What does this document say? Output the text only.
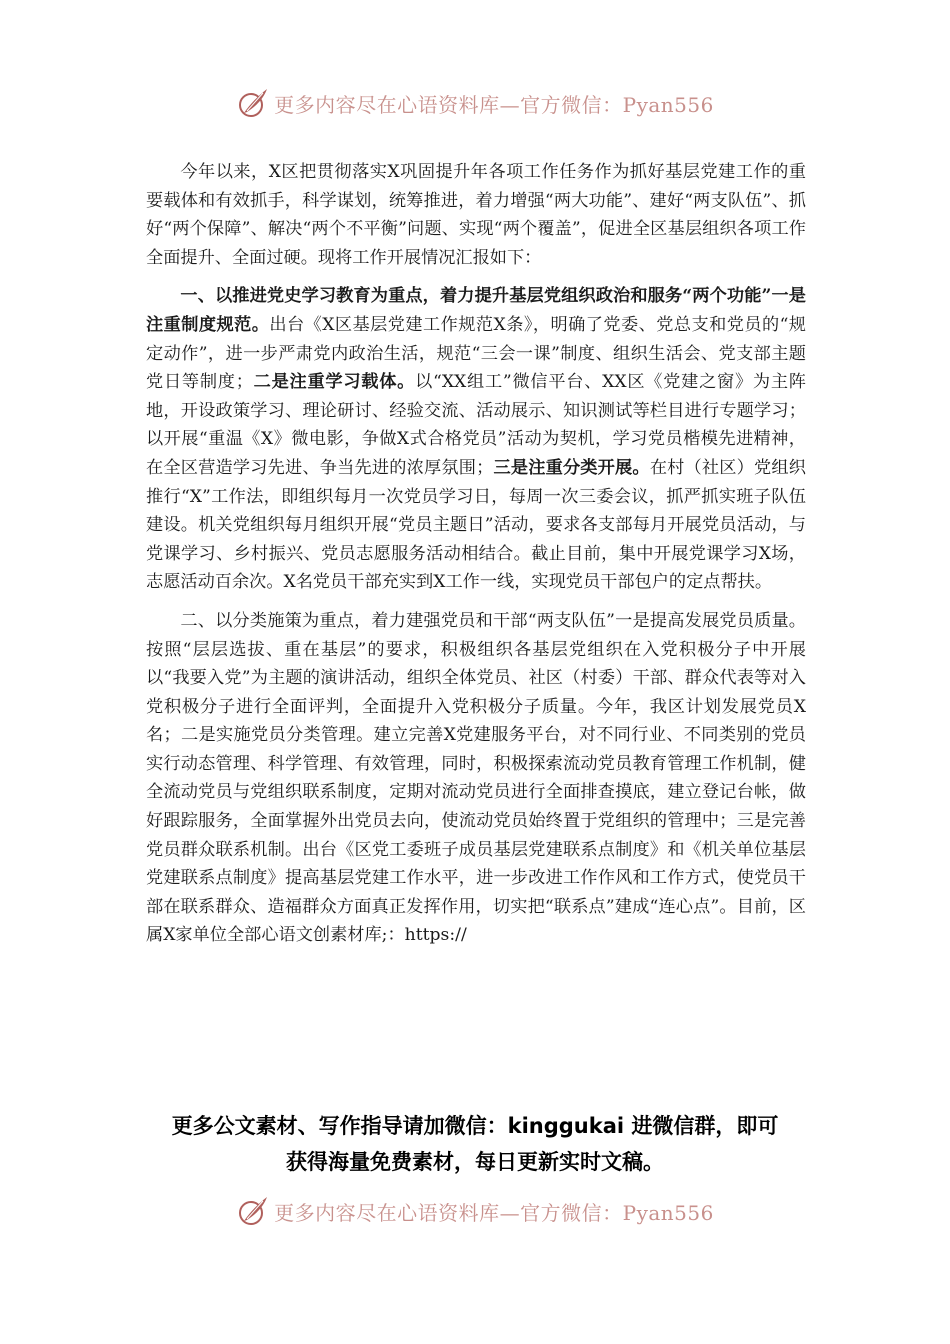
更多内容尽在心语资料库—官方微信：Pyan556

今年以来，X区把贯彻落实X巩固提升年各项工作任务作为抓好基层党建工作的重要载体和有效抓手，科学谋划，统筹推进，着力增强“两大功能”、建好“两支队伍”、抓好“两个保障”、解决“两个不平衡”问题、实现“两个覆盖”，促进全区基层组织各项工作全面提升、全面过硬。现将工作开展情况汇报如下：

一、以推进党史学习教育为重点，着力提升基层党组织政治和服务“两个功能”一是注重制度规范。出台《X区基层党建工作规范X条》，明确了党委、党总支和党员的“规定动作”，进一步严肃党内政治生活，规范“三会一课”制度、组织生活会、党支部主题党日等制度；二是注重学习载体。以“XX组工”微信平台、XX区《党建之窗》为主阵地，开设政策学习、理论研讨、经验交流、活动展示、知识测试等栏目进行专题学习；以开展“重温《X》微电影，争做X式合格党员”活动为契机，学习党员楷模先进精神，在全区营造学习先进、争当先进的浓厚氛围；三是注重分类开展。在村（社区）党组织推行“X”工作法，即组织每月一次党员学习日，每周一次三委会议，抓严抓实班子队伍建设。机关党组织每月组织开展“党员主题日”活动，要求各支部每月开展党员活动，与党课学习、乡村振兴、党员志愿服务活动相结合。截止目前，集中开展党课学习X场，志愿活动百余次。X名党员干部充实到X工作一线，实现党员干部包户的定点帮扶。

二、以分类施策为重点，着力建强党员和干部“两支队伍”一是提高发展党员质量。按照“层层选拔、重在基层”的要求，积极组织各基层党组织在入党积极分子中开展以“我要入党”为主题的演讲活动，组织全体党员、社区（村委）干部、群众代表等对入党积极分子进行全面评判，全面提升入党积极分子质量。今年，我区计划发展党员X名；二是实施党员分类管理。建立完善X党建服务平台，对不同行业、不同类别的党员实行动态管理、科学管理、有效管理，同时，积极探索流动党员教育管理工作机制，健全流动党员与党组织联系制度，定期对流动党员进行全面排查摸底，建立登记台帐，做好跟踪服务，全面掌握外出党员去向，使流动党员始终置于党组织的管理中；三是完善党员群众联系机制。出台《区党工委班子成员基层党建联系点制度》和《机关单位基层党建联系点制度》提高基层党建工作水平，进一步改进工作作风和工作方式，使党员干部在联系群众、造福群众方面真正发挥作用，切实把“联系点”建成“连心点”。目前，区属X家单位全部心语文创素材库;：https://

更多公文素材、写作指导请加微信：kinggukai 进微信群，即可
获得海量免费素材，每日更新实时文稿。
更多内容尽在心语资料库—官方微信：Pyan556
